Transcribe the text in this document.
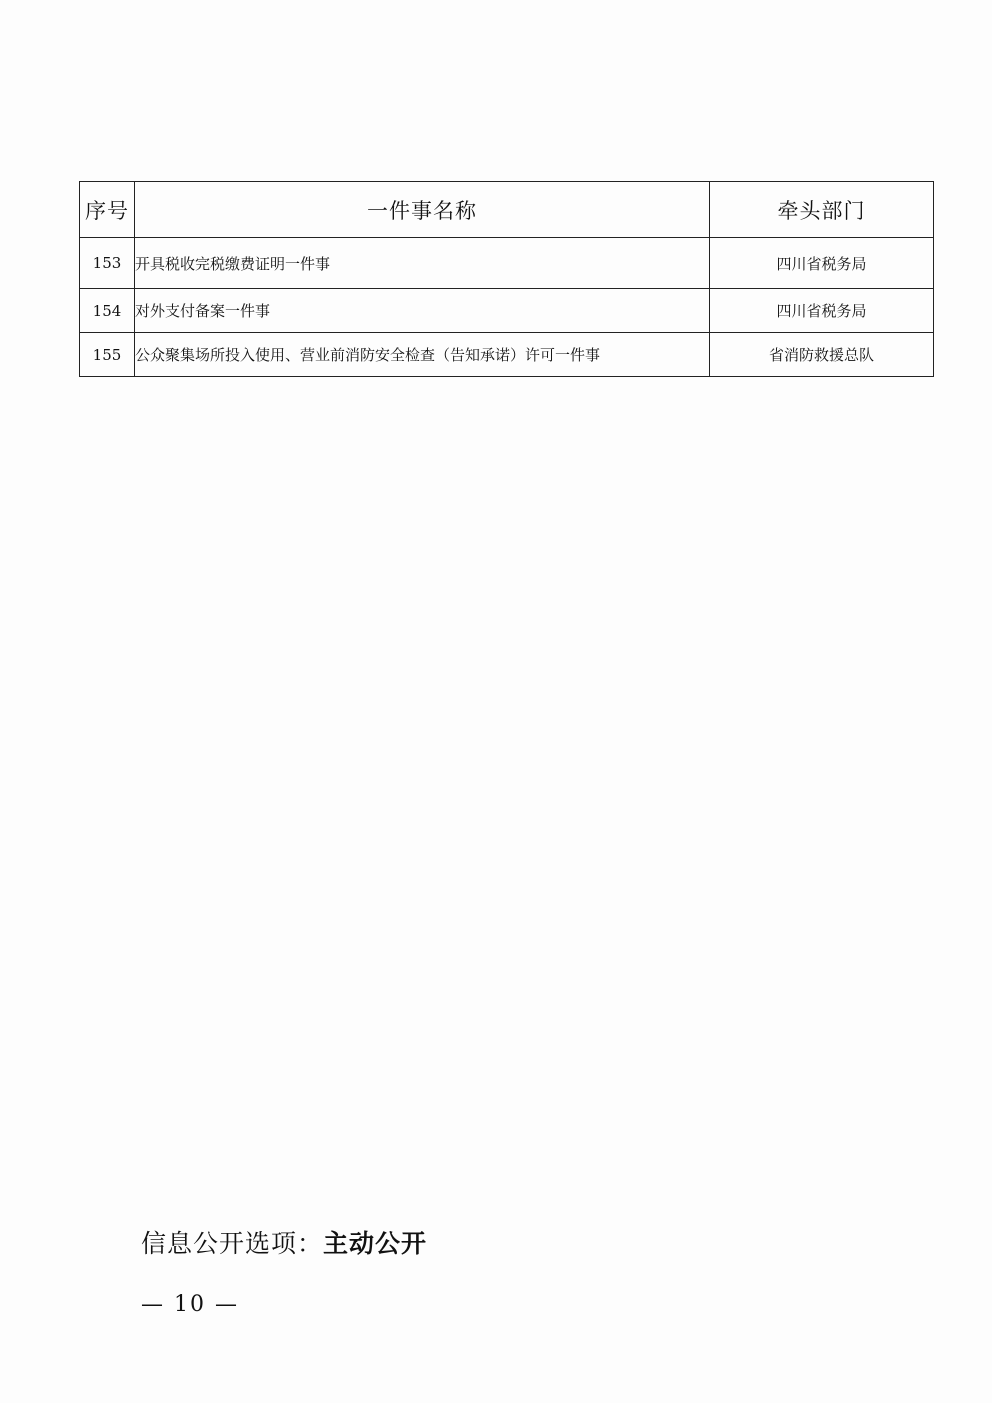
序号	一件事名称	牵头部门
153	开具税收完税缴费证明一件事	四川省税务局
154	对外支付备案一件事	四川省税务局
155	公众聚集场所投入使用、营业前消防安全检查（告知承诺）许可一件事	省消防救援总队
信息公开选项：主动公开
— 10 —
